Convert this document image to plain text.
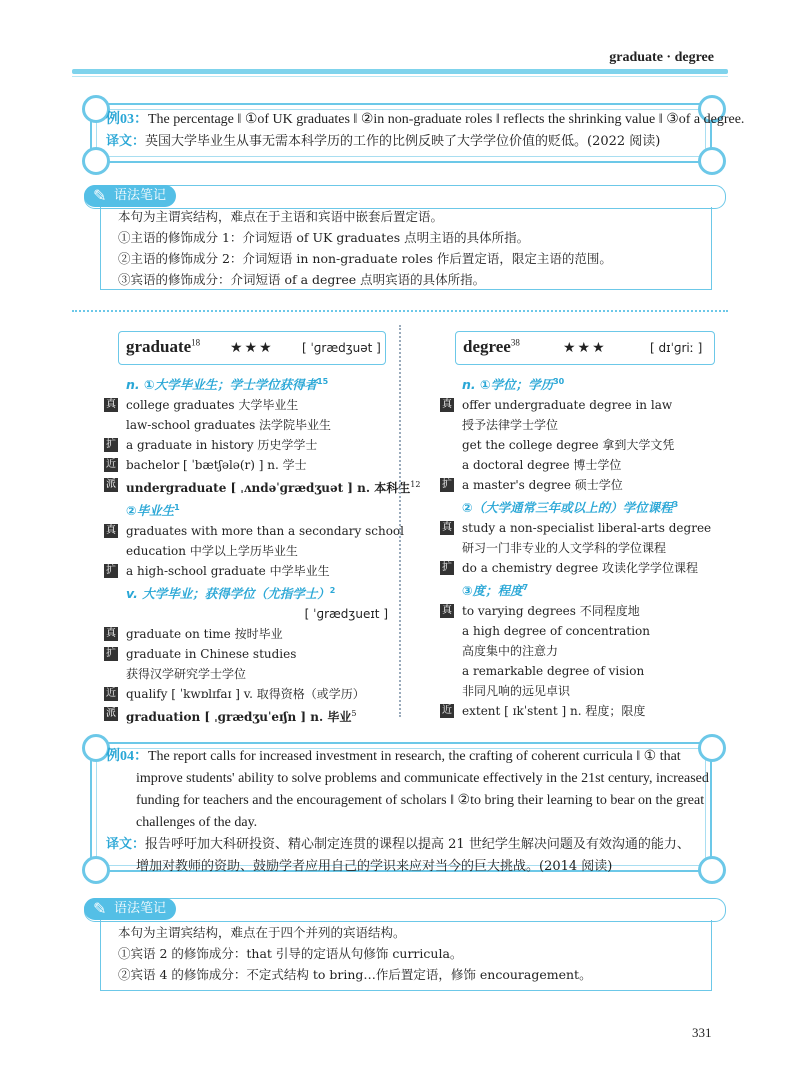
graduate · degree
例03：The percentage ‖ ①of UK graduates ‖ ②in non-graduate roles ‖ reflects the shrinking value ‖ ③of a degree.
译文：英国大学毕业生从事无需本科学历的工作的比例反映了大学学位价值的贬低。(2022 阅读)
✎ 语法笔记
本句为主谓宾结构，难点在于主语和宾语中嵌套后置定语。
①主语的修饰成分 1：介词短语 of UK graduates 点明主语的具体所指。
②主语的修饰成分 2：介词短语 in non-graduate roles 作后置定语，限定主语的范围。
③宾语的修饰成分：介词短语 of a degree 点明宾语的具体所指。
graduate$^{18}$ ★★★ [ ˈɡrædʒuət ]
n. ①大学毕业生；学士学位获得者$^{15}$
真 college graduates 大学毕业生
law-school graduates 法学院毕业生
扩 a graduate in history 历史学学士
近 bachelor [ ˈbætʃələ(r) ] n. 学士
派 undergraduate [ ˌʌndəˈɡrædʒuət ] n. 本科生$^{12}$
②毕业生$^1$
真 graduates with more than a secondary school
education 中学以上学历毕业生
扩 a high-school graduate 中学毕业生
v. 大学毕业；获得学位（尤指学士）$^2$
[ ˈɡrædʒueɪt ]
真 graduate on time 按时毕业
扩 graduate in Chinese studies
获得汉学研究学士学位
近 qualify [ ˈkwɒlɪfaɪ ] v. 取得资格（或学历）
派 graduation [ ˌɡrædʒuˈeɪʃn ] n. 毕业$^5$
degree$^{38}$	★★★	[ dɪˈɡriː ]
n. ①学位；学历$^{30}$
真 offer undergraduate degree in law
授予法律学士学位
get the college degree 拿到大学文凭
a doctoral degree 博士学位
扩 a master's degree 硕士学位
②（大学通常三年或以上的）学位课程$^3$
真 study a non-specialist liberal-arts degree
研习一门非专业的人文学科的学位课程
扩 do a chemistry degree 攻读化学学位课程
③度；程度$^7$
真 to varying degrees 不同程度地
a high degree of concentration
高度集中的注意力
a remarkable degree of vision
非同凡响的远见卓识
近 extent [ ɪkˈstent ] n. 程度；限度
例04：The report calls for increased investment in research, the crafting of coherent curricula ‖ ① that
improve students' ability to solve problems and communicate effectively in the 21st century, increased
funding for teachers and the encouragement of scholars ‖ ②to bring their learning to bear on the great
challenges of the day.
译文：报告呼吁加大科研投资、精心制定连贯的课程以提高 21 世纪学生解决问题及有效沟通的能力、
增加对教师的资助、鼓励学者应用自己的学识来应对当今的巨大挑战。(2014 阅读)
✎ 语法笔记
本句为主谓宾结构，难点在于四个并列的宾语结构。
①宾语 2 的修饰成分：that 引导的定语从句修饰 curricula。
②宾语 4 的修饰成分：不定式结构 to bring…作后置定语，修饰 encouragement。
331
